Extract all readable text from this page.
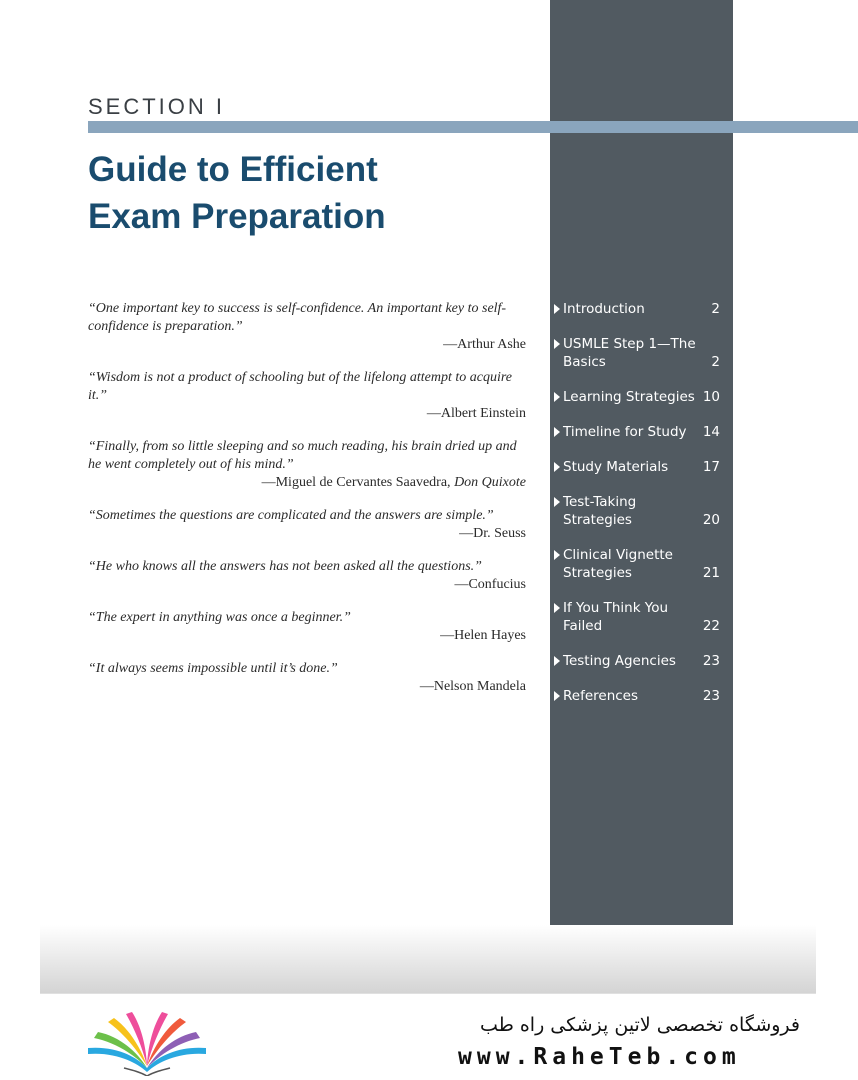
SECTION I
Guide to Efficient
Exam Preparation
“One important key to success is self-confidence. An important key to self-confidence is preparation.”
—Arthur Ashe
“Wisdom is not a product of schooling but of the lifelong attempt to acquire it.”
—Albert Einstein
“Finally, from so little sleeping and so much reading, his brain dried up and he went completely out of his mind.”
—Miguel de Cervantes Saavedra, Don Quixote
“Sometimes the questions are complicated and the answers are simple.”
—Dr. Seuss
“He who knows all the answers has not been asked all the questions.”
—Confucius
“The expert in anything was once a beginner.”
—Helen Hayes
“It always seems impossible until it’s done.”
—Nelson Mandela
Introduction	2
USMLE Step 1—The Basics	2
Learning Strategies 10
Timeline for Study	14
Study Materials	17
Test-Taking Strategies	20
Clinical Vignette Strategies	21
If You Think You Failed	22
Testing Agencies	23
References	23
فروشگاه تخصصی لاتین پزشکی راه طب
www.RaheTeb.com
